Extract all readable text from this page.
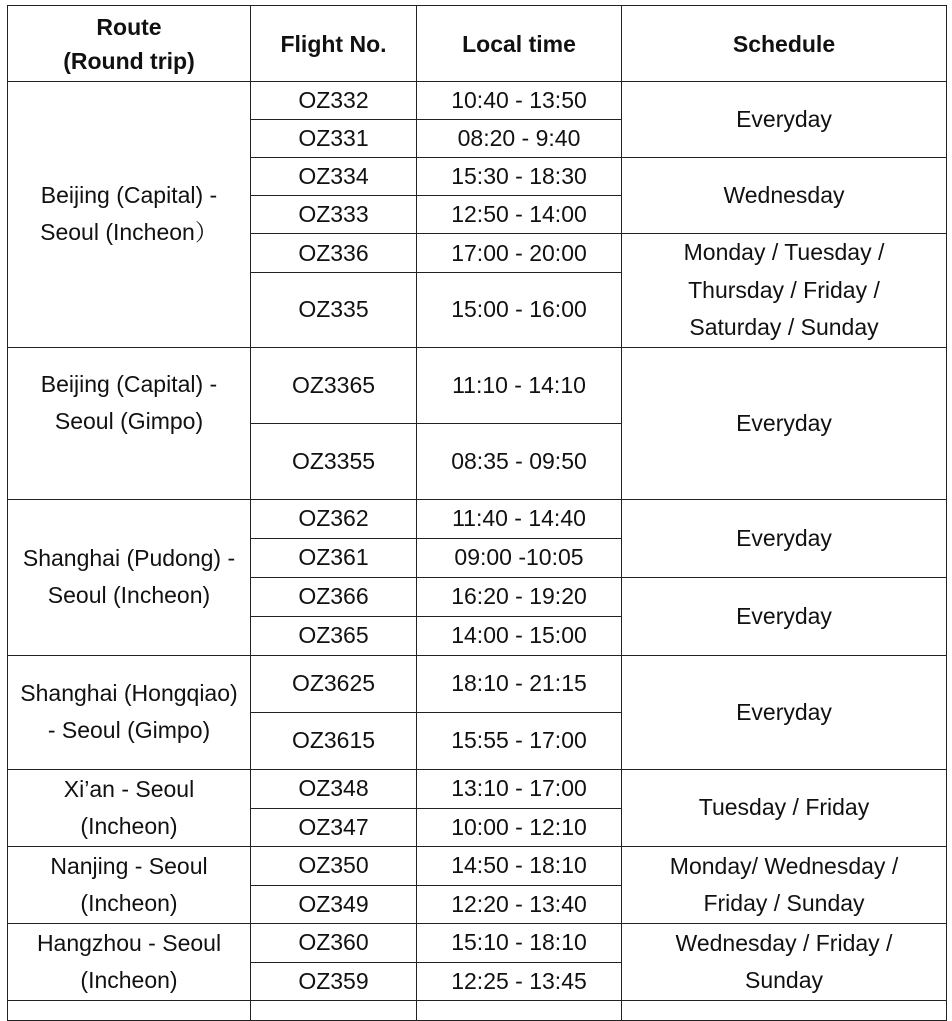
Route
(Round trip)	Flight No.	Local time	Schedule
Beijing (Capital) - Seoul (Incheon）	OZ332	10:40 - 13:50	Everyday
	OZ331	08:20 - 9:40	
	OZ334	15:30 - 18:30	Wednesday
	OZ333	12:50 - 14:00	
	OZ336	17:00 - 20:00	Monday / Tuesday / Thursday / Friday / Saturday / Sunday
	OZ335	15:00 - 16:00	
Beijing (Capital) - Seoul (Gimpo)	OZ3365	11:10 - 14:10	Everyday
	OZ3355	08:35 - 09:50	
Shanghai (Pudong) - Seoul (Incheon)	OZ362	11:40 - 14:40	Everyday
	OZ361	09:00 -10:05	
	OZ366	16:20 - 19:20	Everyday
	OZ365	14:00 - 15:00	
Shanghai (Hongqiao) - Seoul (Gimpo)	OZ3625	18:10 - 21:15	Everyday
	OZ3615	15:55 - 17:00	
Xi’an - Seoul (Incheon)	OZ348	13:10 - 17:00	Tuesday / Friday
	OZ347	10:00 - 12:10	
Nanjing - Seoul (Incheon)	OZ350	14:50 - 18:10	Monday/ Wednesday / Friday / Sunday
	OZ349	12:20 - 13:40	
Hangzhou - Seoul (Incheon)	OZ360	15:10 - 18:10	Wednesday / Friday / Sunday
	OZ359	12:25 - 13:45	
